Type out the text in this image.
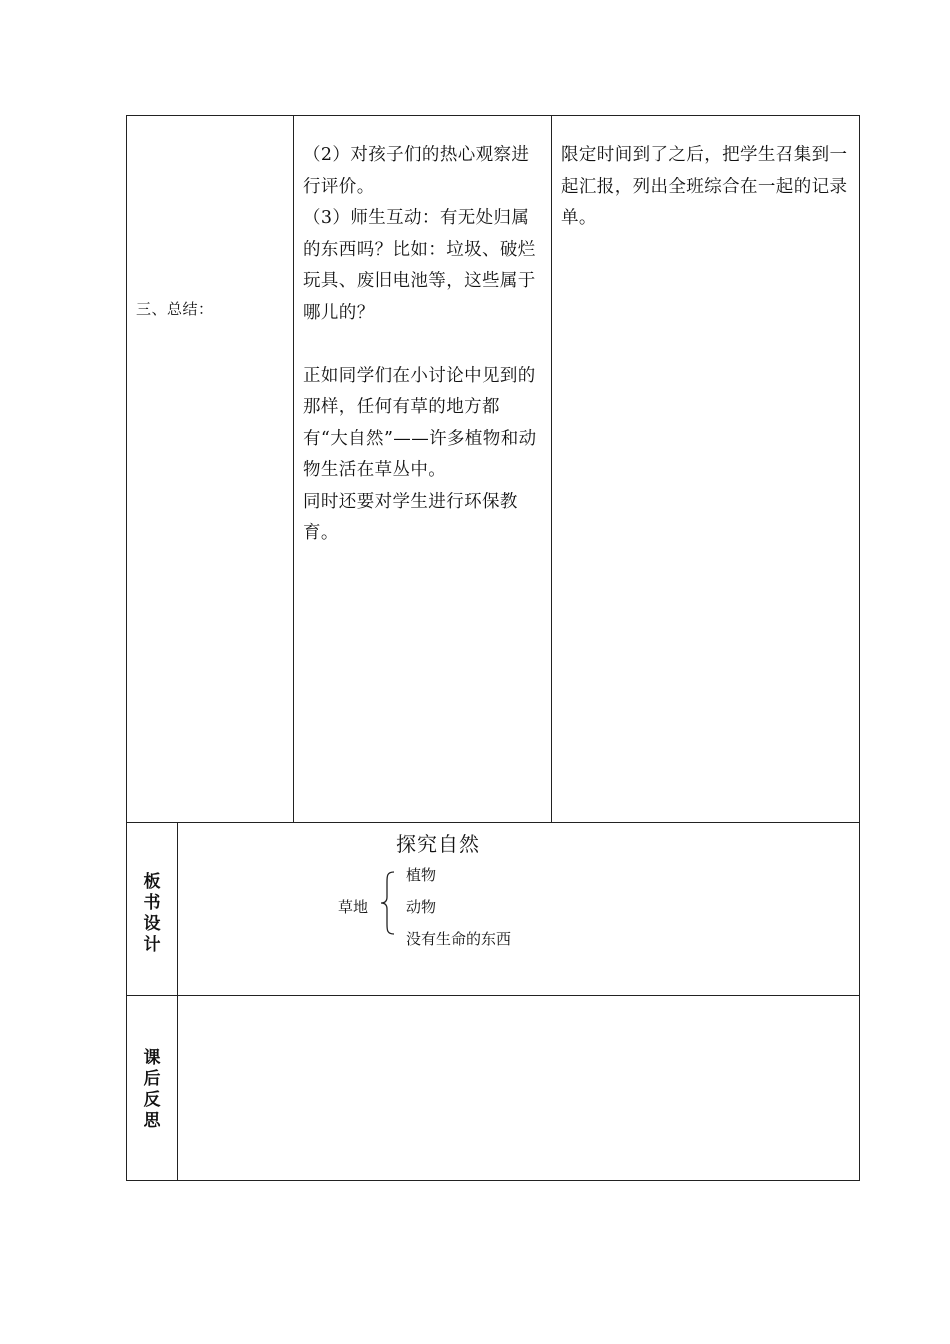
三、总结：

（2）对孩子们的热心观察进行评价。

（3）师生互动：有无处归属的东西吗？比如：垃圾、破烂玩具、废旧电池等，这些属于哪儿的？

正如同学们在小讨论中见到的那样，任何有草的地方都有“大自然”——许多植物和动物生活在草丛中。

同时还要对学生进行环保教育。

限定时间到了之后，把学生召集到一起汇报，列出全班综合在一起的记录单。

板书设计
探究自然
草地
植物
动物
没有生命的东西
课后反思
